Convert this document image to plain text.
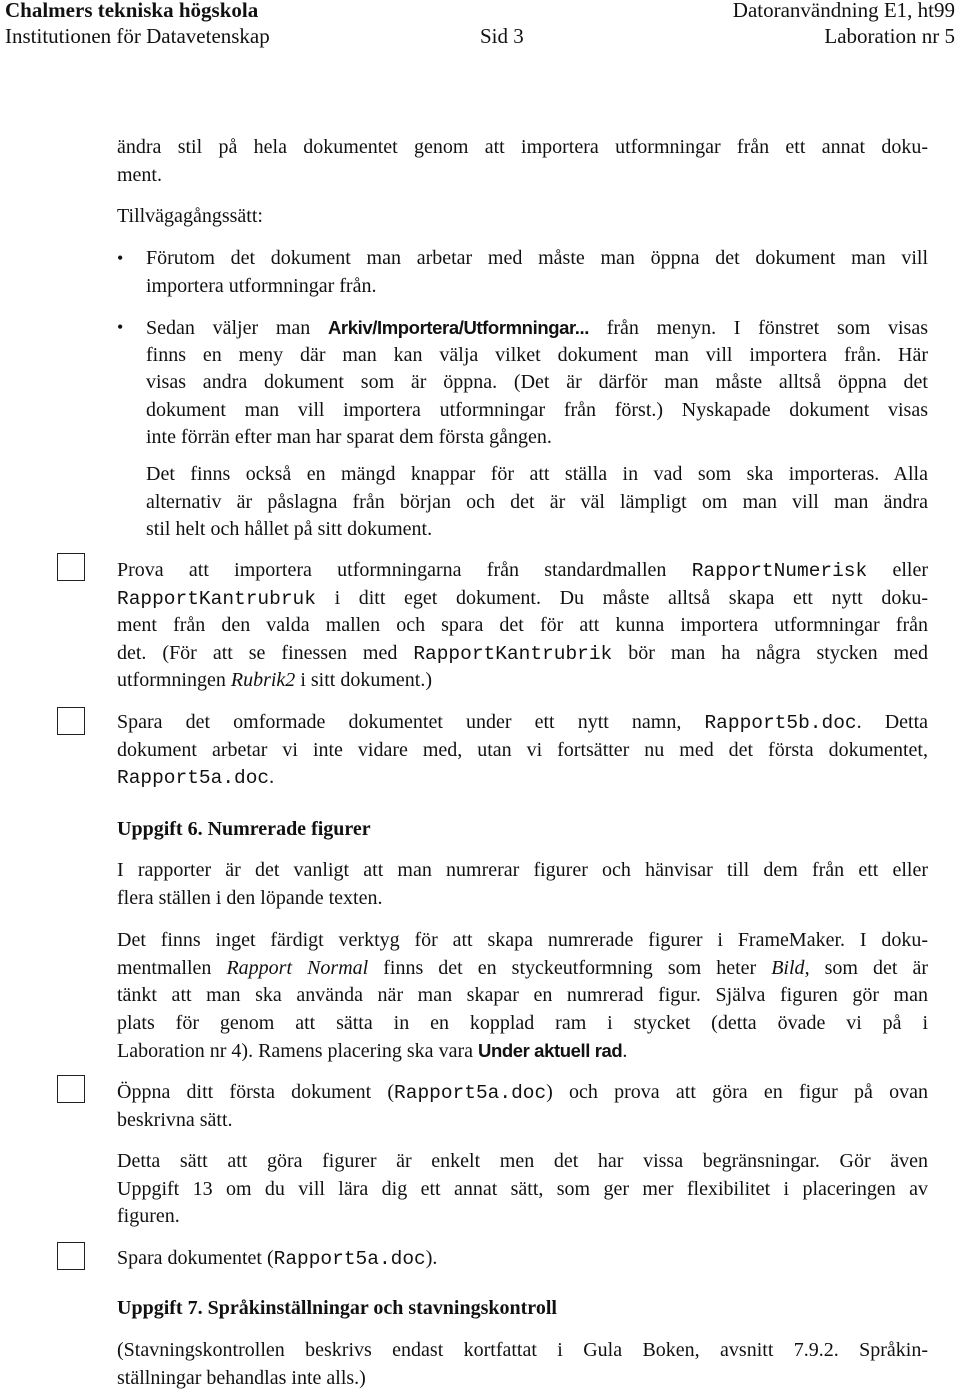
Chalmers tekniska högskola	Datoranvändning E1, ht99
Institutionen för Datavetenskap	Sid 3	Laboration nr 5
ändra stil på hela dokumentet genom att importera utformningar från ett annat doku-
ment.
Tillvägagångssätt:
• Förutom det dokument man arbetar med måste man öppna det dokument man vill
importera utformningar från.
• Sedan väljer man Arkiv/Importera/Utformningar... från menyn. I fönstret som visas
finns en meny där man kan välja vilket dokument man vill importera från. Här
visas andra dokument som är öppna. (Det är därför man måste alltså öppna det
dokument man vill importera utformningar från först.) Nyskapade dokument visas
inte förrän efter man har sparat dem första gången.
Det finns också en mängd knappar för att ställa in vad som ska importeras. Alla
alternativ är påslagna från början och det är väl lämpligt om man vill man ändra
stil helt och hållet på sitt dokument.
Prova att importera utformningarna från standardmallen RapportNumerisk eller
RapportKantrubruk i ditt eget dokument. Du måste alltså skapa ett nytt doku-
ment från den valda mallen och spara det för att kunna importera utformningar från
det. (För att se finessen med RapportKantrubrik bör man ha några stycken med
utformningen Rubrik2 i sitt dokument.)
Spara det omformade dokumentet under ett nytt namn, Rapport5b.doc. Detta
dokument arbetar vi inte vidare med, utan vi fortsätter nu med det första dokumentet,
Rapport5a.doc.
Uppgift 6. Numrerade figurer
I rapporter är det vanligt att man numrerar figurer och hänvisar till dem från ett eller
flera ställen i den löpande texten.
Det finns inget färdigt verktyg för att skapa numrerade figurer i FrameMaker. I doku-
mentmallen Rapport Normal finns det en styckeutformning som heter Bild, som det är
tänkt att man ska använda när man skapar en numrerad figur. Själva figuren gör man
plats för genom att sätta in en kopplad ram i stycket (detta övade vi på i
Laboration nr 4). Ramens placering ska vara Under aktuell rad.
Öppna ditt första dokument (Rapport5a.doc) och prova att göra en figur på ovan
beskrivna sätt.
Detta sätt att göra figurer är enkelt men det har vissa begränsningar. Gör även
Uppgift 13 om du vill lära dig ett annat sätt, som ger mer flexibilitet i placeringen av
figuren.
Spara dokumentet (Rapport5a.doc).
Uppgift 7. Språkinställningar och stavningskontroll
(Stavningskontrollen beskrivs endast kortfattat i Gula Boken, avsnitt 7.9.2. Språkin-
ställningar behandlas inte alls.)
